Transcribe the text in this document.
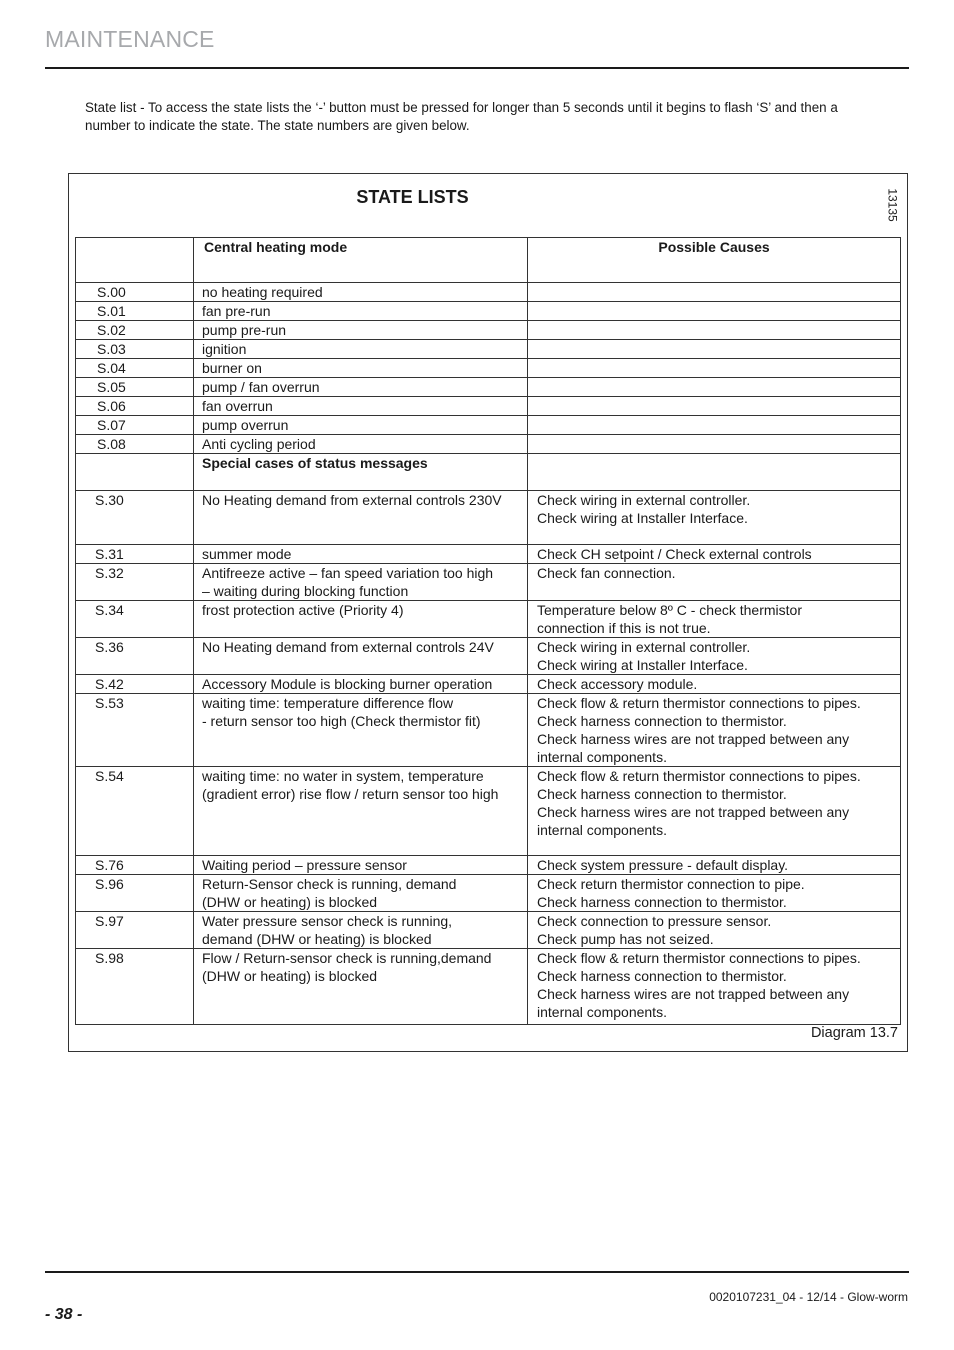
MAINTENANCE
State list - To access the state lists the ‘-’ button must be pressed for longer than 5 seconds until it begins to flash ‘S’ and then a number to indicate the state. The state numbers are given below.
STATE LISTS	13135
	Central heating mode	Possible Causes
S.00	no heating required	
S.01	fan pre-run	
S.02	pump pre-run	
S.03	ignition	
S.04	burner on	
S.05	pump / fan overrun	
S.06	fan overrun	
S.07	pump overrun	
S.08	Anti cycling period	
	Special cases of status messages	
S.30	No Heating demand from external controls 230V	Check wiring in external controller.
Check wiring at Installer Interface.

S.31	summer mode	Check CH setpoint / Check external controls

S.32	Antifreeze active – fan speed variation too high
– waiting during blocking function	Check fan connection.

S.34	frost protection active (Priority 4)	Temperature below 8º C - check thermistor
connection if this is not true.

S.36	No Heating demand from external controls 24V	Check wiring in external controller.
Check wiring at Installer Interface.

S.42	Accessory Module is blocking burner operation	Check accessory module.

S.53	waiting time: temperature difference flow
- return sensor too high (Check thermistor fit)	Check flow & return thermistor connections to pipes.
Check harness connection to thermistor.
Check harness wires are not trapped between any
internal components.

S.54	waiting time: no water in system, temperature
(gradient error) rise flow / return sensor too high	Check flow & return thermistor connections to pipes.
Check harness connection to thermistor.
Check harness wires are not trapped between any
internal components.

S.76	Waiting period – pressure sensor	Check system pressure - default display.

S.96	Return-Sensor check is running, demand
(DHW or heating) is blocked	Check return thermistor connection to pipe.
Check harness connection to thermistor.

S.97	Water pressure sensor check is running,
demand (DHW or heating) is blocked	Check connection to pressure sensor.
Check pump has not seized.

S.98	Flow / Return-sensor check is running,demand
(DHW or heating) is blocked	Check flow & return thermistor connections to pipes.
Check harness connection to thermistor.
Check harness wires are not trapped between any
internal components.
Diagram 13.7
0020107231_04 - 12/14 - Glow-worm
- 38 -
